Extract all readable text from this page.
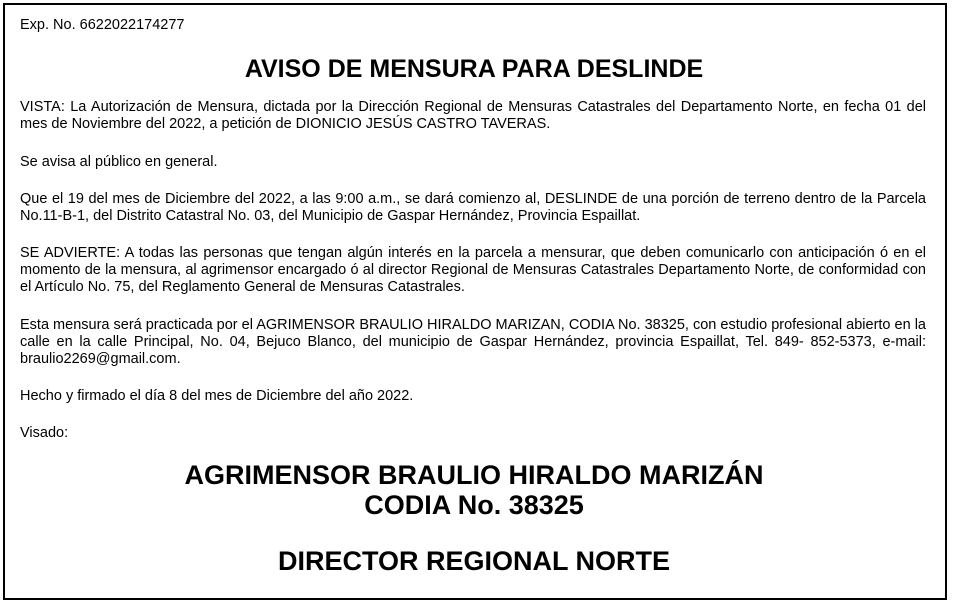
Exp. No. 6622022174277
AVISO DE MENSURA PARA DESLINDE
VISTA: La Autorización de Mensura, dictada por la Dirección Regional de Mensuras Catastrales del Departamento Norte, en fecha 01 del mes de Noviembre del 2022, a petición de DIONICIO JESÚS CASTRO TAVERAS.
Se avisa al público en general.
Que el 19 del mes de Diciembre del 2022, a las 9:00 a.m., se dará comienzo al, DESLINDE de una porción de terreno dentro de la Parcela No.11-B-1, del Distrito Catastral No. 03, del Municipio de Gaspar Hernández, Provincia Espaillat.
SE ADVIERTE: A todas las personas que tengan algún interés en la parcela a mensurar, que deben comunicarlo con anticipación ó en el momento de la mensura, al agrimensor encargado ó al director Regional de Mensuras Catastrales Departamento Norte, de conformidad con el Artículo No. 75, del Reglamento General de Mensuras Catastrales.
Esta mensura será practicada por el AGRIMENSOR BRAULIO HIRALDO MARIZAN, CODIA No. 38325, con estudio profesional abierto en la calle en la calle Principal, No. 04, Bejuco Blanco, del municipio de Gaspar Hernández, provincia Espaillat, Tel. 849- 852-5373, e-mail: braulio2269@gmail.com.
Hecho y firmado el día 8 del mes de Diciembre del año 2022.
Visado:
AGRIMENSOR BRAULIO HIRALDO MARIZÁN
CODIA No. 38325
DIRECTOR REGIONAL NORTE
